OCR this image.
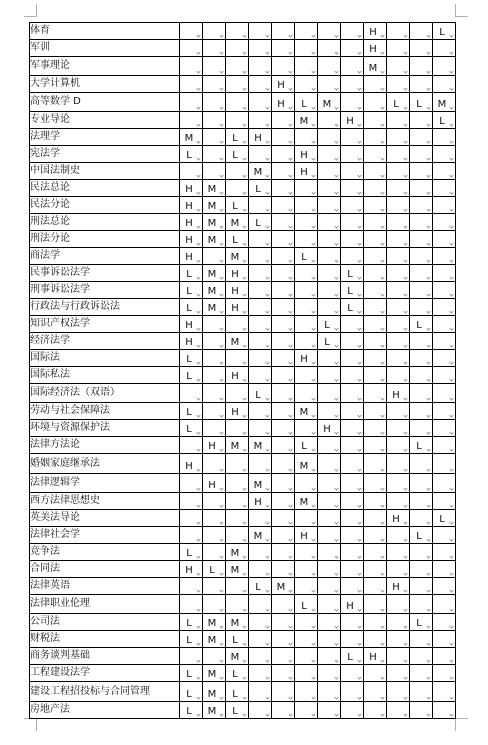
体育									H			L
军训									H			
军事理论									M			
大学计算机					H							
高等数学 D					H	L	M			L	L	M
专业导论						M		H				L
法理学	M		L	H								
宪法学	L		L			H						
中国法制史				M		H						
民法总论	H	M		L								
民法分论	H	M	L									
刑法总论	H	M	M	L								
刑法分论	H	M	L									
商法学	H		M			L						
民事诉讼法学	L	M	H					L				
刑事诉讼法学	L	M	H					L				
行政法与行政诉讼法	L	M	H					L				
知识产权法学	H						L				L	
经济法学	H		M				L					
国际法	L					H						
国际私法	L		H									
国际经济法（双语）				L						H		
劳动与社会保障法	L		H			M						
环境与资源保护法	L						H					
法律方法论		H	M	M		L					L	
婚姻家庭继承法	H					M						
法律逻辑学		H		M								
西方法律思想史				H		M						
英美法导论										H		L
法律社会学				M		H					L	
竞争法	L		M									
合同法	H	L	M									
法律英语				L	M					H		
法律职业伦理						L		H				
公司法	L	M	M								L	
财税法	L	M	L									
商务谈判基础			M					L	H			
工程建设法学	L	M	L									
建设工程招投标与合同管理	L	M	L									
房地产法	L	M	L									
